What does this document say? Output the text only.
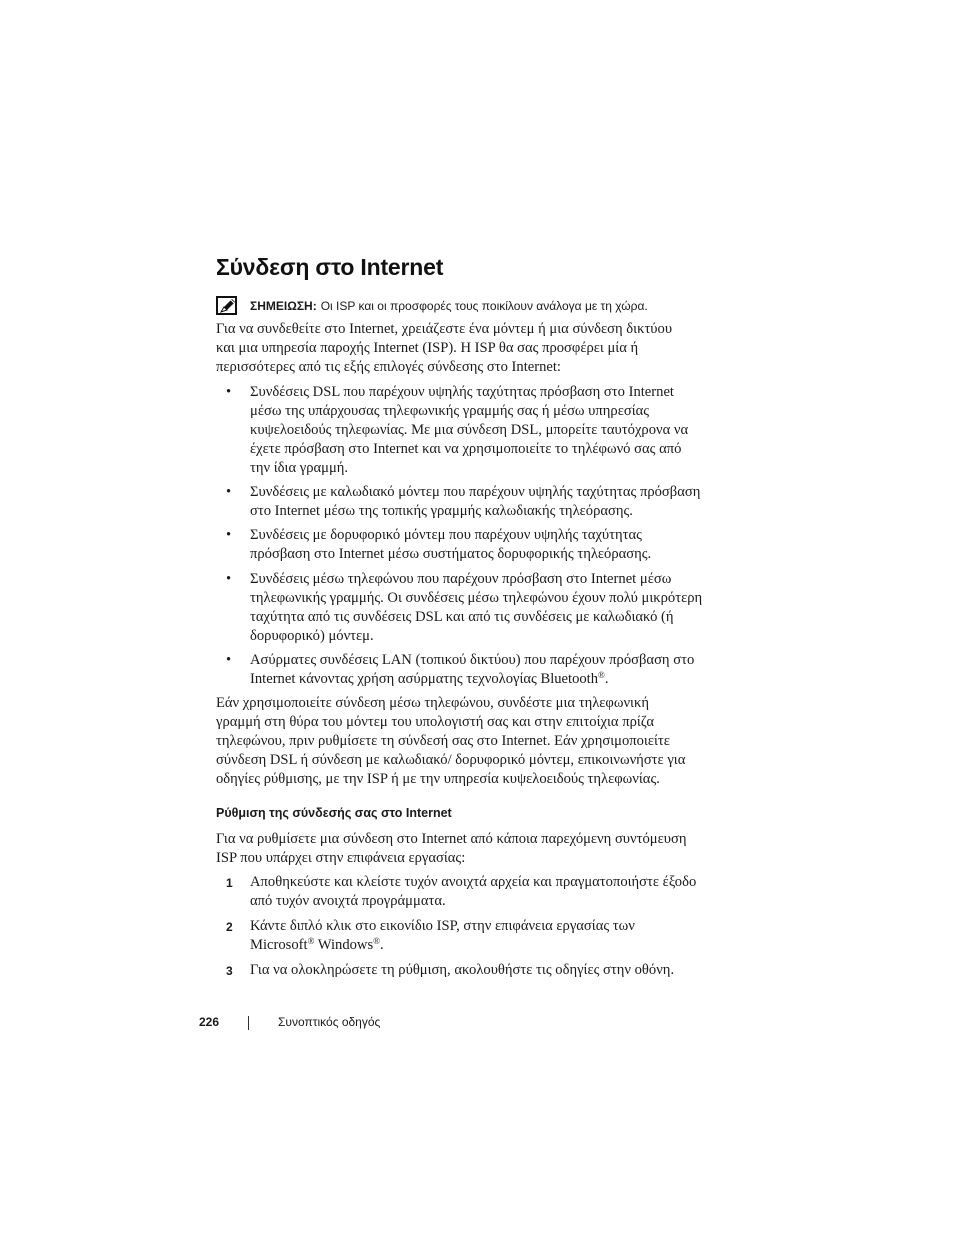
Σύνδεση στο Internet
ΣΗΜΕΙΩΣΗ: Οι ISP και οι προσφορές τους ποικίλουν ανάλογα με τη χώρα.
Για να συνδεθείτε στο Internet, χρειάζεστε ένα μόντεμ ή μια σύνδεση δικτύου
και μια υπηρεσία παροχής Internet (ISP). Η ISP θα σας προσφέρει μία ή
περισσότερες από τις εξής επιλογές σύνδεσης στο Internet:
• Συνδέσεις DSL που παρέχουν υψηλής ταχύτητας πρόσβαση στο Internet
μέσω της υπάρχουσας τηλεφωνικής γραμμής σας ή μέσω υπηρεσίας
κυψελοειδούς τηλεφωνίας. Με μια σύνδεση DSL, μπορείτε ταυτόχρονα να
έχετε πρόσβαση στο Internet και να χρησιμοποιείτε το τηλέφωνό σας από
την ίδια γραμμή.
• Συνδέσεις με καλωδιακό μόντεμ που παρέχουν υψηλής ταχύτητας πρόσβαση
στο Internet μέσω της τοπικής γραμμής καλωδιακής τηλεόρασης.
• Συνδέσεις με δορυφορικό μόντεμ που παρέχουν υψηλής ταχύτητας
πρόσβαση στο Internet μέσω συστήματος δορυφορικής τηλεόρασης.
• Συνδέσεις μέσω τηλεφώνου που παρέχουν πρόσβαση στο Internet μέσω
τηλεφωνικής γραμμής. Οι συνδέσεις μέσω τηλεφώνου έχουν πολύ μικρότερη
ταχύτητα από τις συνδέσεις DSL και από τις συνδέσεις με καλωδιακό (ή
δορυφορικό) μόντεμ.
• Ασύρματες συνδέσεις LAN (τοπικού δικτύου) που παρέχουν πρόσβαση στο
Internet κάνοντας χρήση ασύρματης τεχνολογίας Bluetooth®.
Εάν χρησιμοποιείτε σύνδεση μέσω τηλεφώνου, συνδέστε μια τηλεφωνική
γραμμή στη θύρα του μόντεμ του υπολογιστή σας και στην επιτοίχια πρίζα
τηλεφώνου, πριν ρυθμίσετε τη σύνδεσή σας στο Internet. Εάν χρησιμοποιείτε
σύνδεση DSL ή σύνδεση με καλωδιακό/ δορυφορικό μόντεμ, επικοινωνήστε για
οδηγίες ρύθμισης, με την ISP ή με την υπηρεσία κυψελοειδούς τηλεφωνίας.
Ρύθμιση της σύνδεσής σας στο Internet
Για να ρυθμίσετε μια σύνδεση στο Internet από κάποια παρεχόμενη συντόμευση
ISP που υπάρχει στην επιφάνεια εργασίας:
1 Αποθηκεύστε και κλείστε τυχόν ανοιχτά αρχεία και πραγματοποιήστε έξοδο
από τυχόν ανοιχτά προγράμματα.
2 Κάντε διπλό κλικ στο εικονίδιο ISP, στην επιφάνεια εργασίας των
Microsoft® Windows®.
3 Για να ολοκληρώσετε τη ρύθμιση, ακολουθήστε τις οδηγίες στην οθόνη.
226	Συνοπτικός οδηγός
